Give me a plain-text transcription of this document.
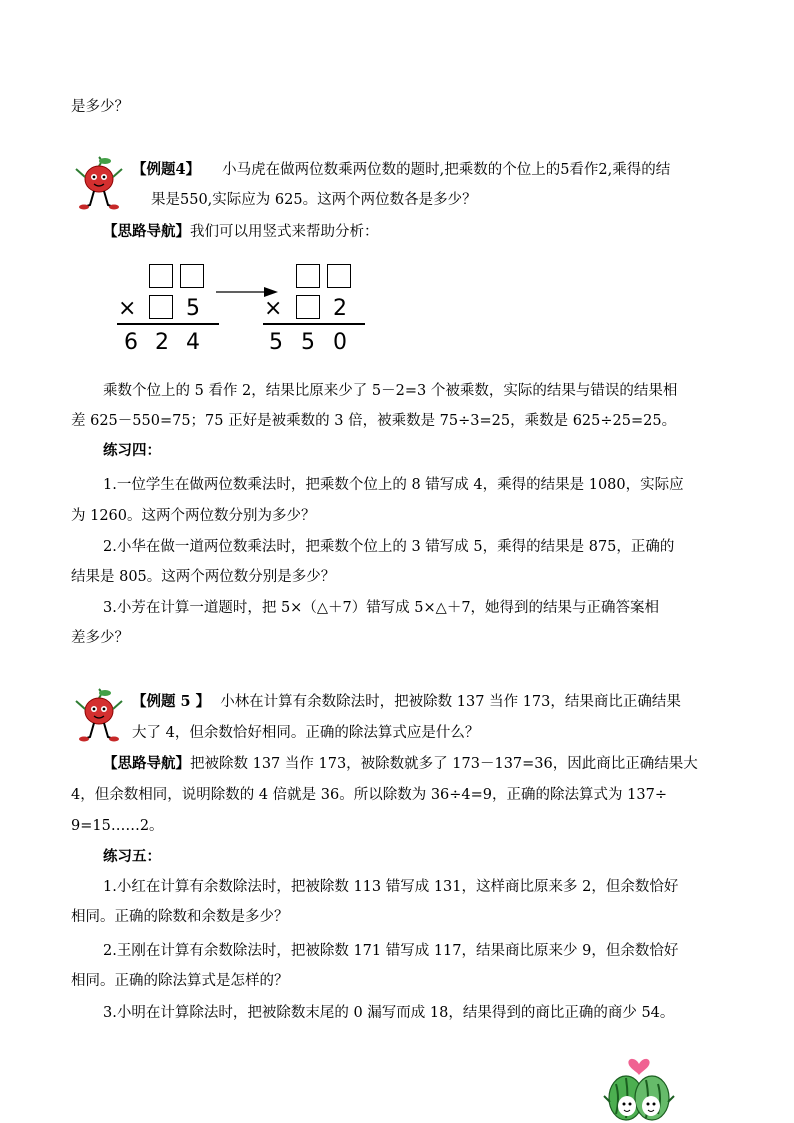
是多少？
【例题4】 小马虎在做两位数乘两位数的题时,把乘数的个位上的5看作2,乘得的结
果是550,实际应为 625。这两个两位数各是多少？
【思路导航】我们可以用竖式来帮助分析：
× 5
6 2 4
× 2
5 5 0
乘数个位上的 5 看作 2，结果比原来少了 5－2=3 个被乘数，实际的结果与错误的结果相
差 625－550=75；75 正好是被乘数的 3 倍，被乘数是 75÷3=25，乘数是 625÷25=25。
练习四：
1.一位学生在做两位数乘法时，把乘数个位上的 8 错写成 4，乘得的结果是 1080，实际应
为 1260。这两个两位数分别为多少？
2.小华在做一道两位数乘法时，把乘数个位上的 3 错写成 5，乘得的结果是 875，正确的
结果是 805。这两个两位数分别是多少？
3.小芳在计算一道题时，把 5×（△＋7）错写成 5×△＋7，她得到的结果与正确答案相
差多少？
【例题 5 】 小林在计算有余数除法时，把被除数 137 当作 173，结果商比正确结果
大了 4，但余数恰好相同。正确的除法算式应是什么？
【思路导航】把被除数 137 当作 173，被除数就多了 173－137=36，因此商比正确结果大
4，但余数相同，说明除数的 4 倍就是 36。所以除数为 36÷4=9，正确的除法算式为 137÷
9=15……2。
练习五：
1.小红在计算有余数除法时，把被除数 113 错写成 131，这样商比原来多 2，但余数恰好
相同。正确的除数和余数是多少？
2.王刚在计算有余数除法时，把被除数 171 错写成 117，结果商比原来少 9，但余数恰好
相同。正确的除法算式是怎样的？
3.小明在计算除法时，把被除数末尾的 0 漏写而成 18，结果得到的商比正确的商少 54。
